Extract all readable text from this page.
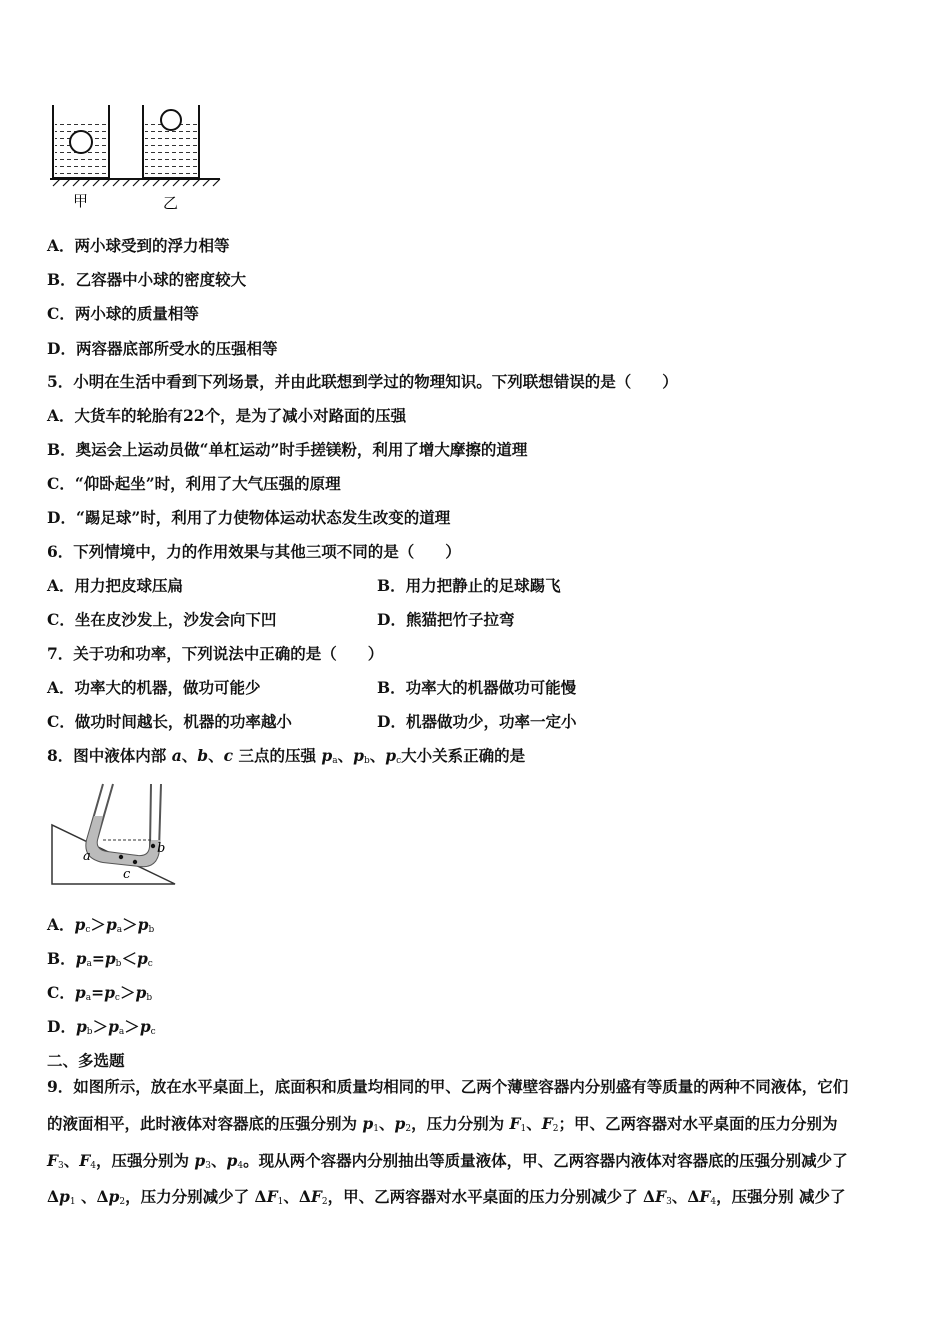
甲	乙
A．两小球受到的浮力相等
B．乙容器中小球的密度较大
C．两小球的质量相等
D．两容器底部所受水的压强相等
5．小明在生活中看到下列场景，并由此联想到学过的物理知识。下列联想错误的是（　　）
A．大货车的轮胎有22个，是为了减小对路面的压强
B．奥运会上运动员做“单杠运动”时手搓镁粉，利用了增大摩擦的道理
C．“仰卧起坐”时，利用了大气压强的原理
D．“踢足球”时，利用了力使物体运动状态发生改变的道理
6．下列情境中，力的作用效果与其他三项不同的是（　　）
A．用力把皮球压扁	B．用力把静止的足球踢飞
C．坐在皮沙发上，沙发会向下凹	D．熊猫把竹子拉弯
7．关于功和功率，下列说法中正确的是（　　）
A．功率大的机器，做功可能少	B．功率大的机器做功可能慢
C．做功时间越长，机器的功率越小	D．机器做功少，功率一定小
8．图中液体内部 a、b、c 三点的压强 $p_a$、$p_b$、$p_c$大小关系正确的是
a
b
c
A．$p_c>p_a>p_b$
B．$p_a=p_b<p_c$
C．$p_a=p_c>p_b$
D．$p_b>p_a>p_c$
二、多选题
9．如图所示，放在水平桌面上，底面积和质量均相同的甲、乙两个薄壁容器内分别盛有等质量的两种不同液体，它们
的液面相平，此时液体对容器底的压强分别为 $p_1$、$p_2$，压力分别为 $F_1$、$F_2$；甲、乙两容器对水平桌面的压力分别为
$F_3$、$F_4$，压强分别为 $p_3$、$p_4$。现从两个容器内分别抽出等质量液体，甲、乙两容器内液体对容器底的压强分别减少了
$\Delta p_1$ 、$\Delta p_2$，压力分别减少了 $\Delta F_1$、$\Delta F_2$，甲、乙两容器对水平桌面的压力分别减少了 $\Delta F_3$、$\Delta F_4$，压强分别 减少了
